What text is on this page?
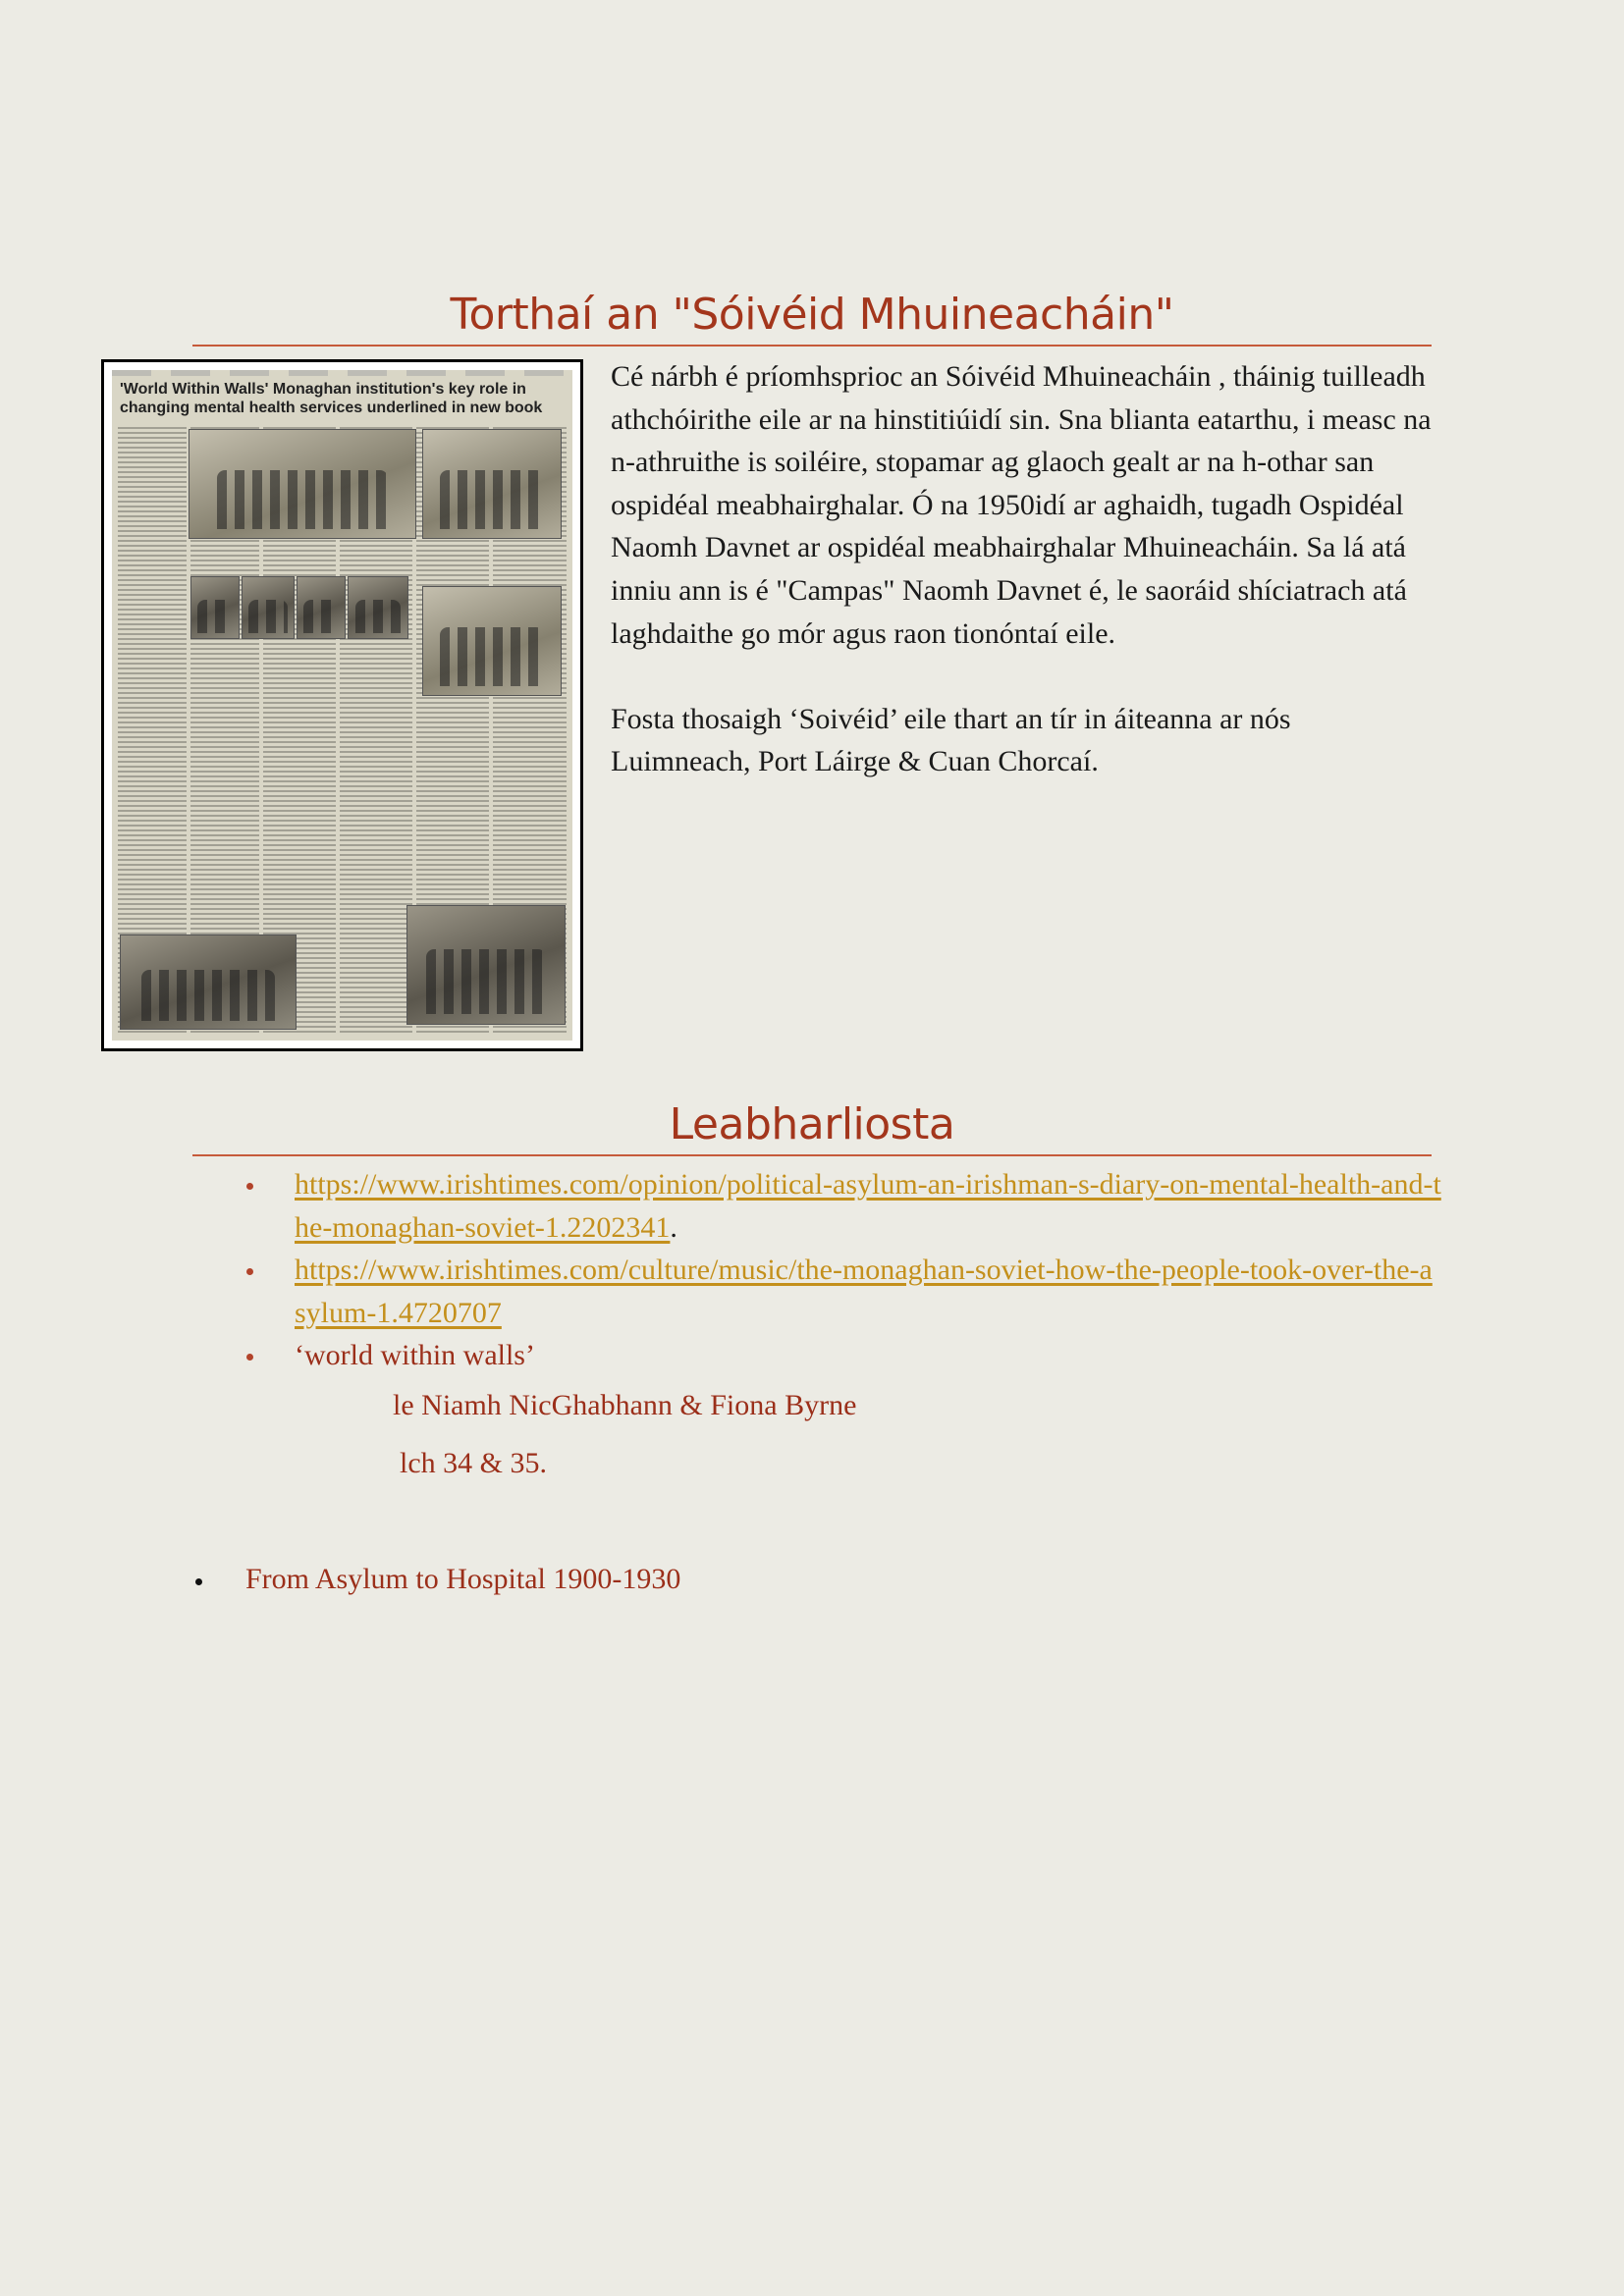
Torthaí an "Sóivéid Mhuineacháin"
'World Within Walls' Monaghan institution's key role in changing mental health services underlined in new book

Cé nárbh é príomhsprioc an Sóivéid Mhuineacháin , tháinig tuilleadh athchóirithe eile ar na hinstitiúidí sin. Sna blianta eatarthu, i measc na n-athruithe is soiléire, stopamar ag glaoch gealt ar na h-othar san ospidéal meabhairghalar. Ó na 1950idí ar aghaidh, tugadh Ospidéal Naomh Davnet ar ospidéal meabhairghalar Mhuineacháin. Sa lá atá inniu ann is é "Campas" Naomh Davnet é, le saoráid shíciatrach atá laghdaithe go mór agus raon tionóntaí eile.

Fosta thosaigh ‘Soivéid’ eile thart an tír in áiteanna ar nós Luimneach, Port Láirge & Cuan Chorcaí.

Leabharliosta
https://www.irishtimes.com/opinion/political-asylum-an-irishman-s-diary-on-mental-health-and-the-monaghan-soviet-1.2202341.
https://www.irishtimes.com/culture/music/the-monaghan-soviet-how-the-people-took-over-the-asylum-1.4720707
‘world within walls’
le Niamh NicGhabhann & Fiona Byrne
lch 34 & 35.
From Asylum to Hospital 1900-1930
